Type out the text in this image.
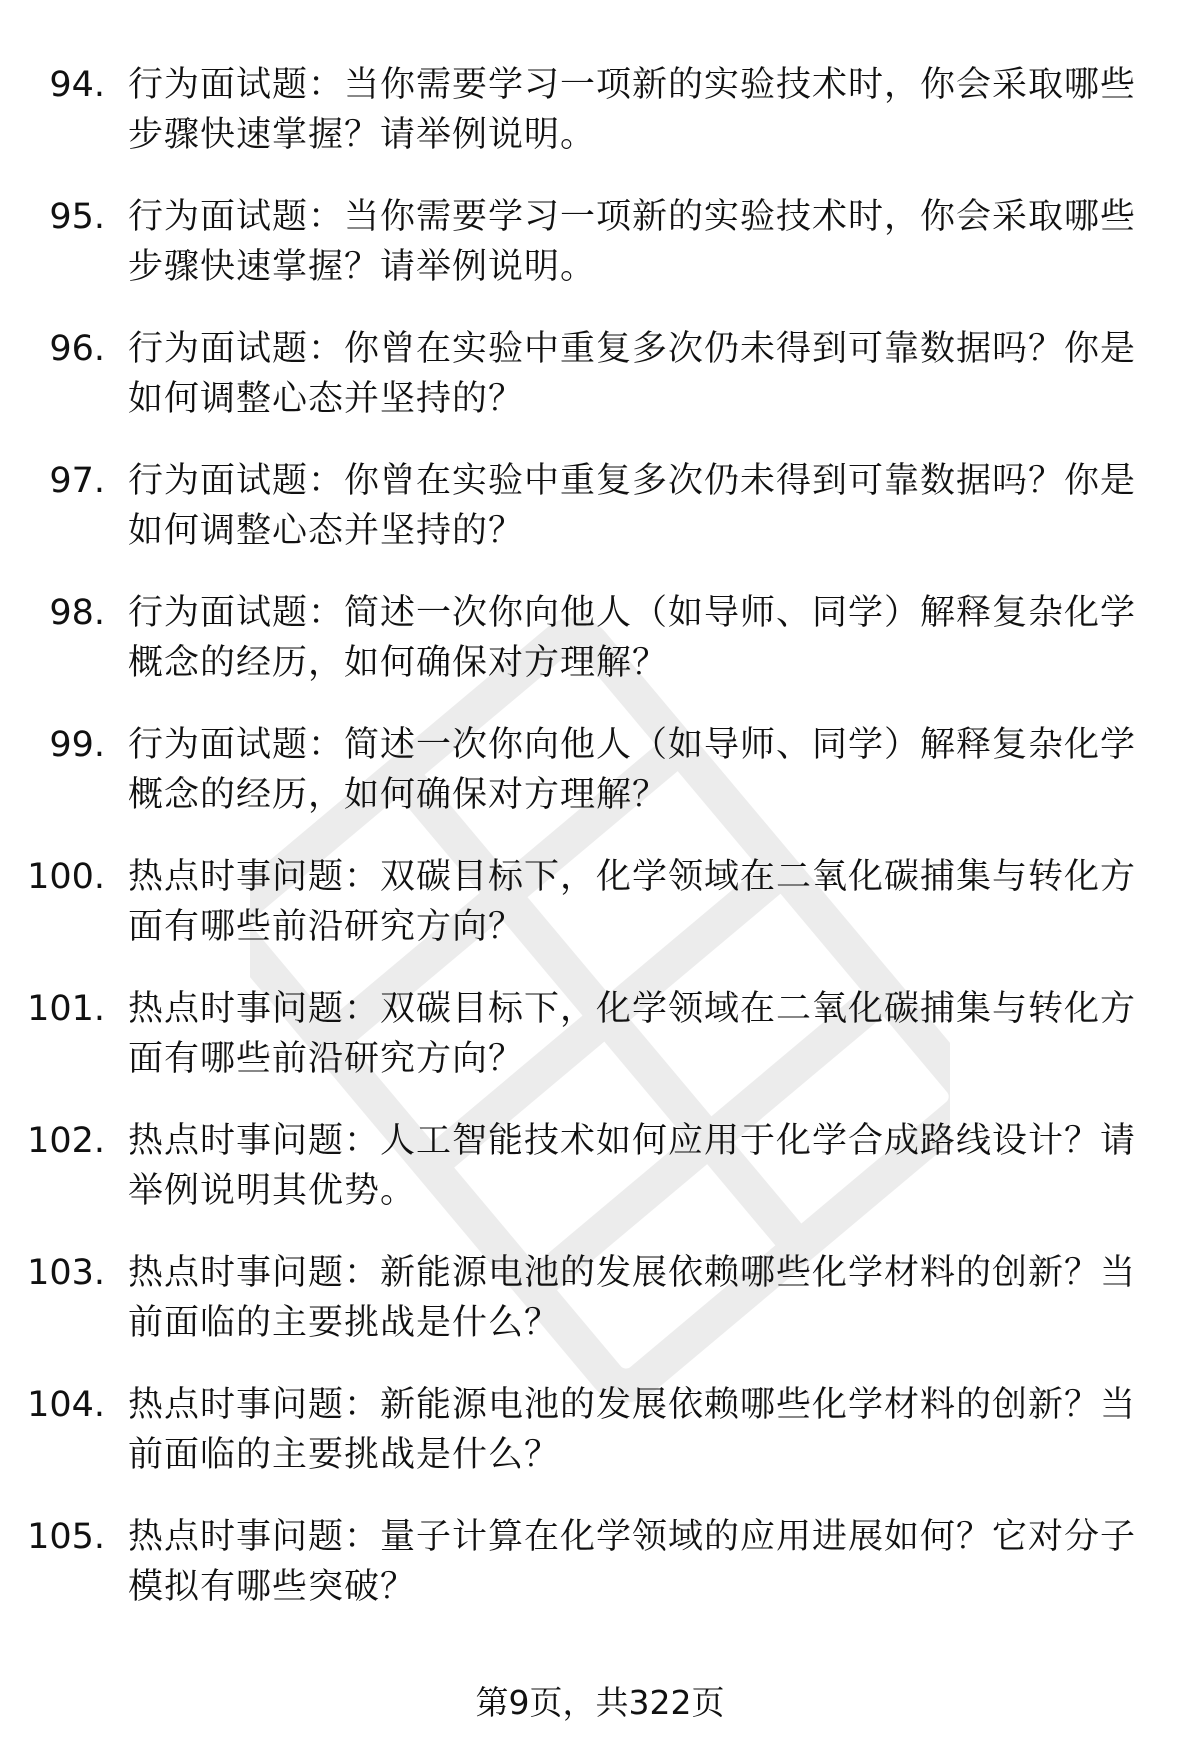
94. 行为面试题：当你需要学习一项新的实验技术时，你会采取哪些步骤快速掌握？请举例说明。
95. 行为面试题：当你需要学习一项新的实验技术时，你会采取哪些步骤快速掌握？请举例说明。
96. 行为面试题：你曾在实验中重复多次仍未得到可靠数据吗？你是如何调整心态并坚持的？
97. 行为面试题：你曾在实验中重复多次仍未得到可靠数据吗？你是如何调整心态并坚持的？
98. 行为面试题：简述一次你向他人（如导师、同学）解释复杂化学概念的经历，如何确保对方理解？
99. 行为面试题：简述一次你向他人（如导师、同学）解释复杂化学概念的经历，如何确保对方理解？
100. 热点时事问题：双碳目标下，化学领域在二氧化碳捕集与转化方面有哪些前沿研究方向？
101. 热点时事问题：双碳目标下，化学领域在二氧化碳捕集与转化方面有哪些前沿研究方向？
102. 热点时事问题：人工智能技术如何应用于化学合成路线设计？请举例说明其优势。
103. 热点时事问题：新能源电池的发展依赖哪些化学材料的创新？当前面临的主要挑战是什么？
104. 热点时事问题：新能源电池的发展依赖哪些化学材料的创新？当前面临的主要挑战是什么？
105. 热点时事问题：量子计算在化学领域的应用进展如何？它对分子模拟有哪些突破？
第9页，共322页
